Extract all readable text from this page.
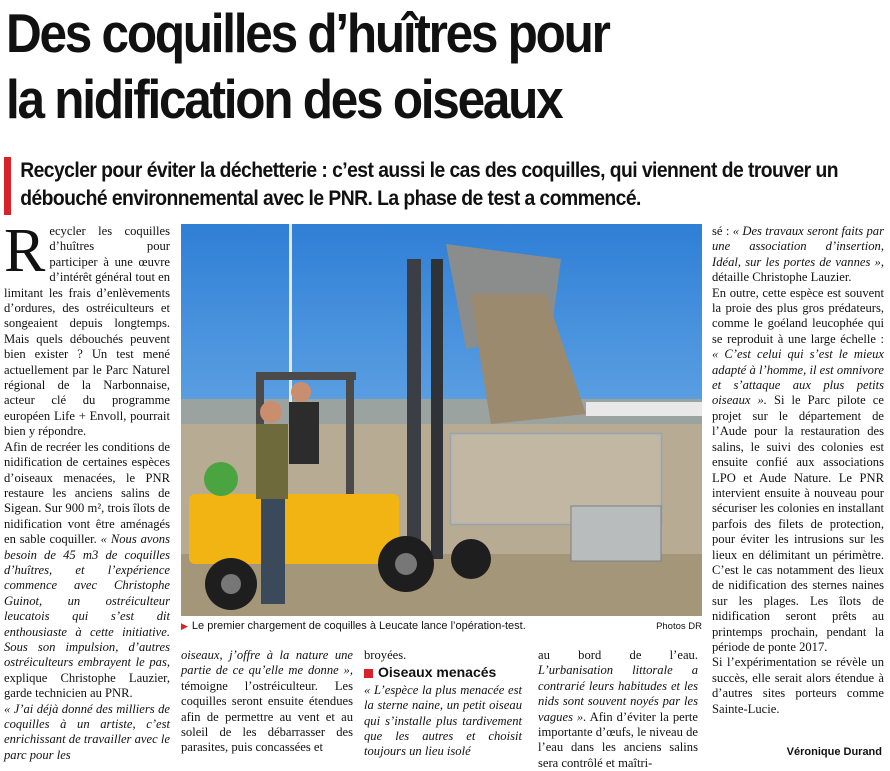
Des coquilles d’huîtres pour
la nidification des oiseaux

Recycler pour éviter la déchetterie : c’est aussi le cas des coquilles, qui viennent de trouver un débouché environnemental avec le PNR. La phase de test a commencé.

Recycler les coquilles d’huîtres pour participer à une œuvre d’intérêt général tout en limitant les frais d’enlèvements d’ordures, des ostréiculteurs et songeaient depuis longtemps. Mais quels débouchés peuvent bien exister ? Un test mené actuellement par le Parc Naturel régional de la Narbonnaise, acteur clé du programme européen Life + Envoll, pourrait bien y répondre.

Afin de recréer les conditions de nidification de certaines espèces d’oiseaux menacées, le PNR restaure les anciens salins de Sigean. Sur 900 m², trois îlots de nidification vont être aménagés en sable coquiller. « Nous avons besoin de 45 m3 de coquilles d’huîtres, et l’expérience commence avec Christophe Guinot, un ostréiculteur leucatois qui s’est dit enthousiaste à cette initiative. Sous son impulsion, d’autres ostréiculteurs embrayent le pas, explique Christophe Lauzier, garde technicien au PNR.

« J’ai déjà donné des milliers de coquilles à un artiste, c’est enrichissant de travailler avec le parc pour les

▶ Le premier chargement de coquilles à Leucate lance l’opération-test.	Photos DR

oiseaux, j’offre à la nature une partie de ce qu’elle me donne », témoigne l’ostréiculteur. Les coquilles seront ensuite étendues afin de permettre au vent et au soleil de les débarrasser des parasites, puis concassées et

broyées.

Oiseaux menacés

« L’espèce la plus menacée est la sterne naine, un petit oiseau qui s’installe plus tardivement que les autres et choisit toujours un lieu isolé

au bord de l’eau. L’urbanisation littorale a contrarié leurs habitudes et les nids sont souvent noyés par les vagues ». Afin d’éviter la perte importante d’œufs, le niveau de l’eau dans les anciens salins sera contrôlé et maîtri-

sé : « Des travaux seront faits par une association d’insertion, Idéal, sur les portes de vannes », détaille Christophe Lauzier.

En outre, cette espèce est souvent la proie des plus gros prédateurs, comme le goéland leucophée qui se reproduit à une large échelle : « C’est celui qui s’est le mieux adapté à l’homme, il est omnivore et s’attaque aux plus petits oiseaux ». Si le Parc pilote ce projet sur le département de l’Aude pour la restauration des salins, le suivi des colonies est ensuite confié aux associations LPO et Aude Nature. Le PNR intervient ensuite à nouveau pour sécuriser les colonies en installant parfois des filets de protection, pour éviter les intrusions sur les lieux en délimitant un périmètre. C’est le cas notamment des lieux de nidification des sternes naines sur les plages. Les îlots de nidification seront prêts au printemps prochain, pendant la période de ponte 2017.

Si l’expérimentation se révèle un succès, elle serait alors étendue à d’autres sites porteurs comme Sainte-Lucie.

Véronique Durand
